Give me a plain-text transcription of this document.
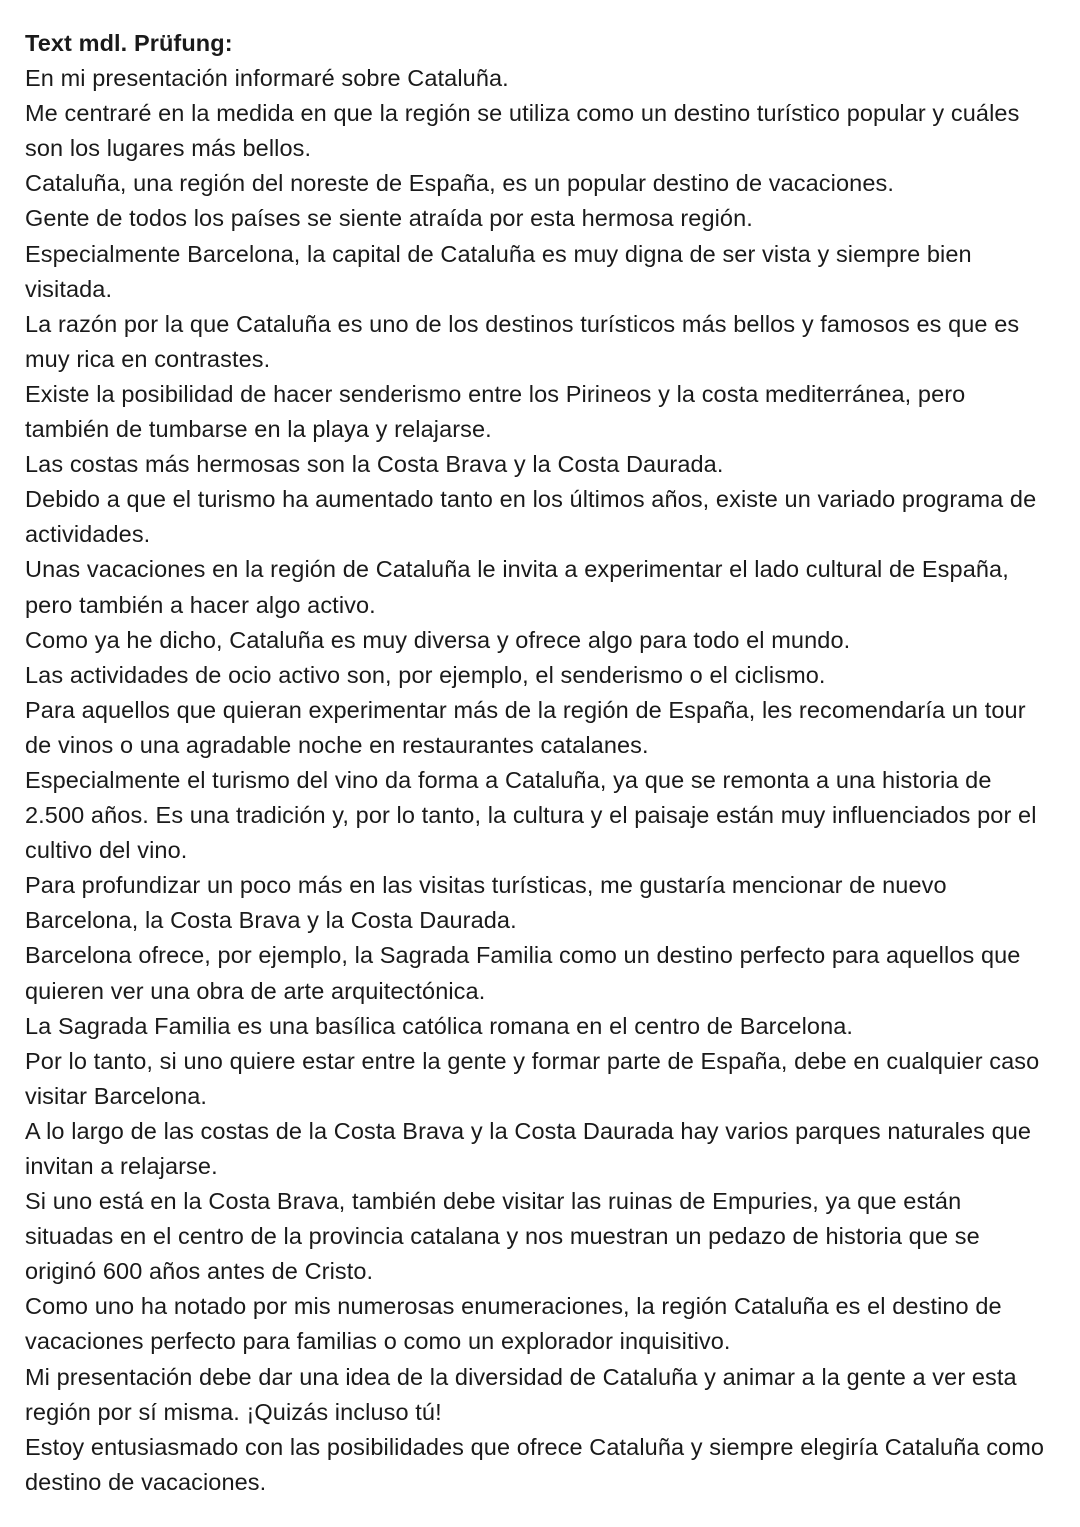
Text mdl. Prüfung:

En mi presentación informaré sobre Cataluña.

Me centraré en la medida en que la región se utiliza como un destino turístico popular y cuáles son los lugares más bellos.

Cataluña, una región del noreste de España, es un popular destino de vacaciones.

Gente de todos los países se siente atraída por esta hermosa región.

Especialmente Barcelona, la capital de Cataluña es muy digna de ser vista y siempre bien visitada.

La razón por la que Cataluña es uno de los destinos turísticos más bellos y famosos es que es muy rica en contrastes.

Existe la posibilidad de hacer senderismo entre los Pirineos y la costa mediterránea, pero también de tumbarse en la playa y relajarse.

Las costas más hermosas son la Costa Brava y la Costa Daurada.

Debido a que el turismo ha aumentado tanto en los últimos años, existe un variado programa de actividades.

Unas vacaciones en la región de Cataluña le invita a experimentar el lado cultural de España, pero también a hacer algo activo.

Como ya he dicho, Cataluña es muy diversa y ofrece algo para todo el mundo.

Las actividades de ocio activo son, por ejemplo, el senderismo o el ciclismo.

Para aquellos que quieran experimentar más de la región de España, les recomendaría un tour de vinos o una agradable noche en restaurantes catalanes.

Especialmente el turismo del vino da forma a Cataluña, ya que se remonta a una historia de 2.500 años. Es una tradición y, por lo tanto, la cultura y el paisaje están muy influenciados por el cultivo del vino.

Para profundizar un poco más en las visitas turísticas, me gustaría mencionar de nuevo Barcelona, la Costa Brava y la Costa Daurada.

Barcelona ofrece, por ejemplo, la Sagrada Familia como un destino perfecto para aquellos que quieren ver una obra de arte arquitectónica.

La Sagrada Familia es una basílica católica romana en el centro de Barcelona.

Por lo tanto, si uno quiere estar entre la gente y formar parte de España, debe en cualquier caso visitar Barcelona.

A lo largo de las costas de la Costa Brava y la Costa Daurada hay varios parques naturales que invitan a relajarse.

Si uno está en la Costa Brava, también debe visitar las ruinas de Empuries, ya que están situadas en el centro de la provincia catalana y nos muestran un pedazo de historia que se originó 600 años antes de Cristo.

Como uno ha notado por mis numerosas enumeraciones, la región Cataluña es el destino de vacaciones perfecto para familias o como un explorador inquisitivo.

Mi presentación debe dar una idea de la diversidad de Cataluña y animar a la gente a ver esta región por sí misma. ¡Quizás incluso tú!

Estoy entusiasmado con las posibilidades que ofrece Cataluña y siempre elegiría Cataluña como destino de vacaciones.
